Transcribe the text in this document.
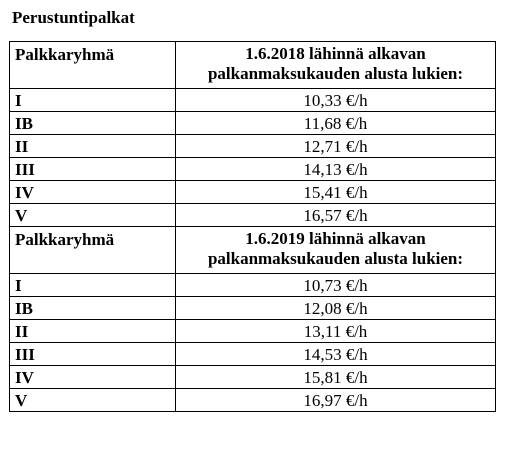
Perustuntipalkat
Palkkaryhmä	1.6.2018 lähinnä alkavan
palkanmaksukauden alusta lukien:

I	10,33 €/h
IB	11,68 €/h
II	12,71 €/h
III	14,13 €/h
IV	15,41 €/h
V	16,57 €/h
Palkkaryhmä	1.6.2019 lähinnä alkavan
palkanmaksukauden alusta lukien:

I	10,73 €/h
IB	12,08 €/h
II	13,11 €/h
III	14,53 €/h
IV	15,81 €/h
V	16,97 €/h
